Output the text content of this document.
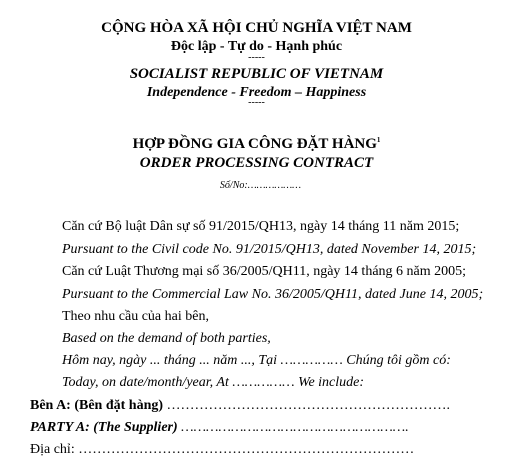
CỘNG HÒA XÃ HỘI CHỦ NGHĨA VIỆT NAM
Độc lập - Tự do - Hạnh phúc
-----
SOCIALIST REPUBLIC OF VIETNAM
Independence - Freedom – Happiness
-----
HỢP ĐỒNG GIA CÔNG ĐẶT HÀNG$^1$
ORDER PROCESSING CONTRACT
Số/No:………………
Căn cứ Bộ luật Dân sự số 91/2015/QH13, ngày 14 tháng 11 năm 2015;
Pursuant to the Civil code No. 91/2015/QH13, dated November 14, 2015;
Căn cứ Luật Thương mại số 36/2005/QH11, ngày 14 tháng 6 năm 2005;
Pursuant to the Commercial Law No. 36/2005/QH11, dated June 14, 2005;
Theo nhu cầu của hai bên,
Based on the demand of both parties,
Hôm nay, ngày ... tháng ... năm ..., Tại …………… Chúng tôi gồm có:
Today, on date/month/year, At …………… We include:
Bên A: (Bên đặt hàng) …………………………………………………….
PARTY A: (The Supplier) ……………………………………………….
Địa chỉ: ………………………………………………………………
